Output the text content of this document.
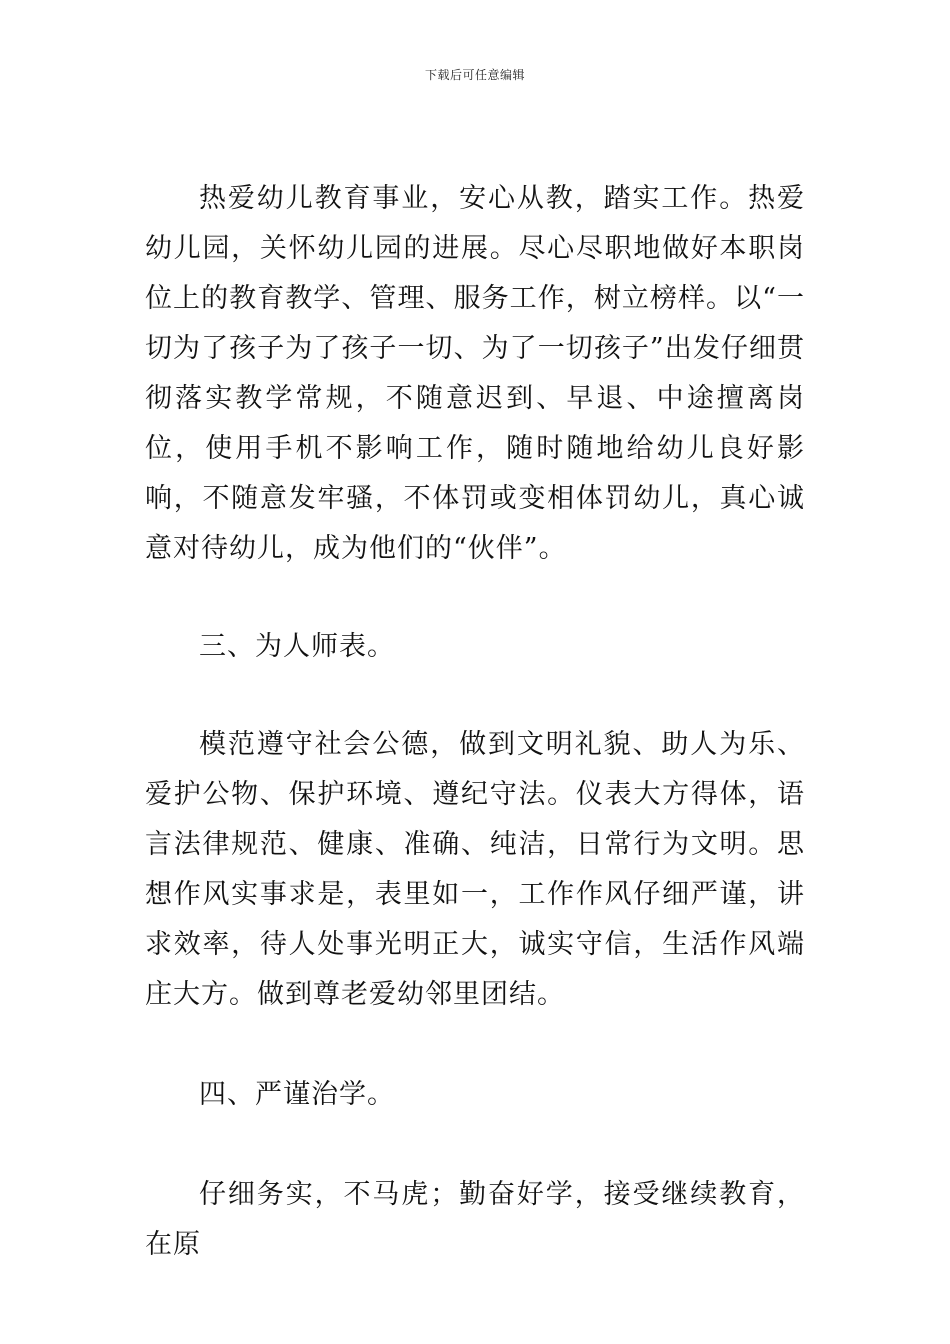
下载后可任意编辑

热爱幼儿教育事业，安心从教，踏实工作。热爱幼儿园，关怀幼儿园的进展。尽心尽职地做好本职岗位上的教育教学、管理、服务工作，树立榜样。以“一切为了孩子为了孩子一切、为了一切孩子”出发仔细贯彻落实教学常规，不随意迟到、早退、中途擅离岗位，使用手机不影响工作，随时随地给幼儿良好影响，不随意发牢骚，不体罚或变相体罚幼儿，真心诚意对待幼儿，成为他们的“伙伴”。

三、为人师表。

模范遵守社会公德，做到文明礼貌、助人为乐、爱护公物、保护环境、遵纪守法。仪表大方得体，语言法律规范、健康、准确、纯洁，日常行为文明。思想作风实事求是，表里如一，工作作风仔细严谨，讲求效率，待人处事光明正大，诚实守信，生活作风端庄大方。做到尊老爱幼邻里团结。

四、严谨治学。

仔细务实，不马虎；勤奋好学，接受继续教育，在原
